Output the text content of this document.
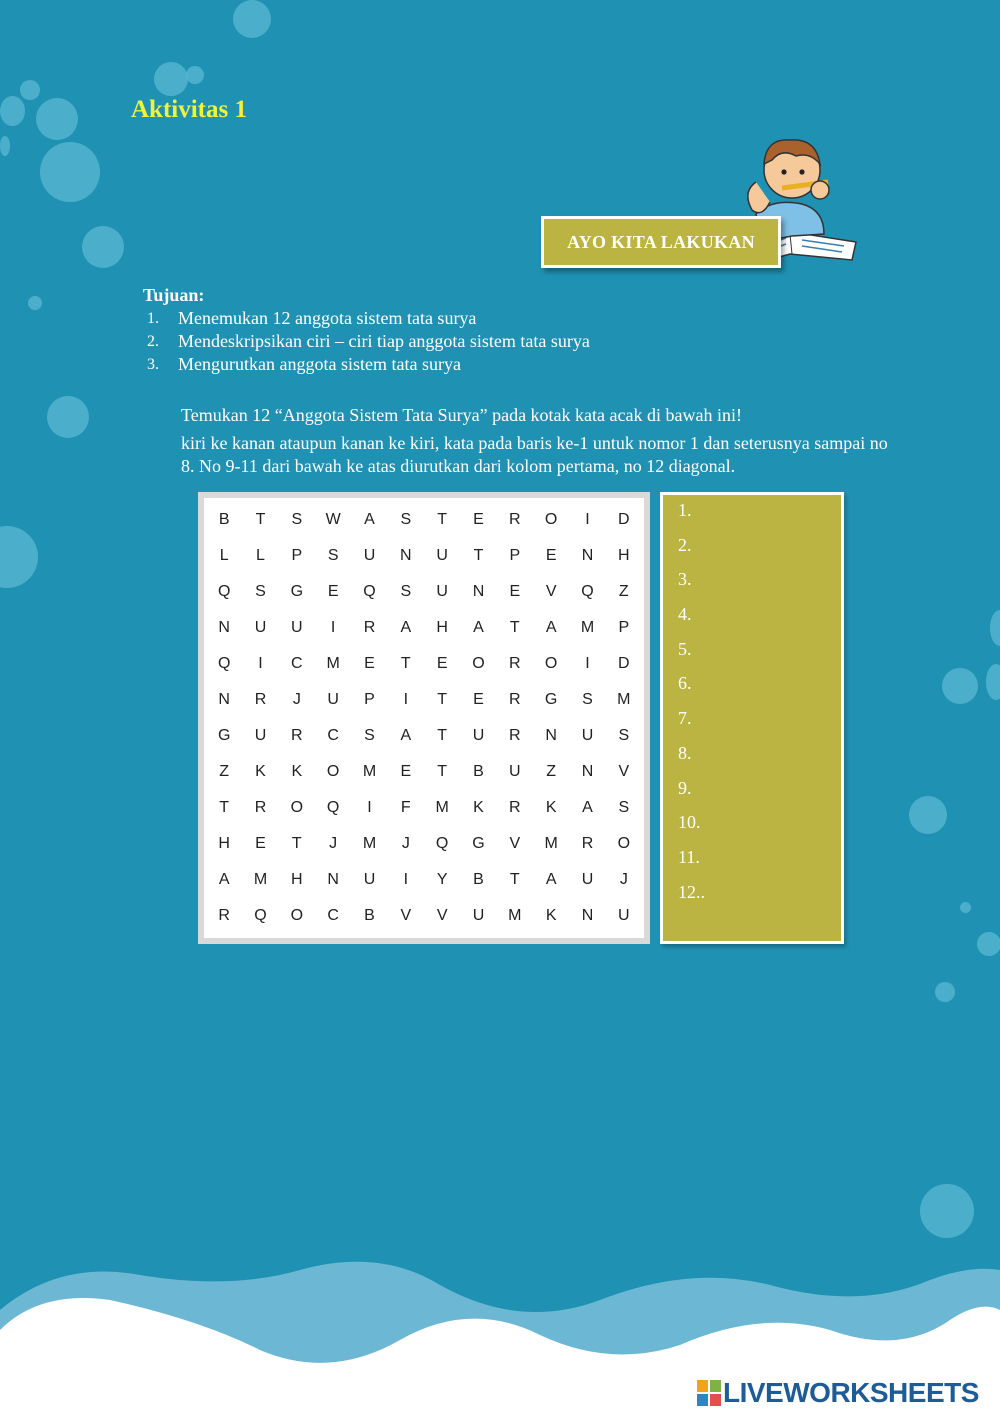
Aktivitas 1
AYO KITA LAKUKAN
Tujuan:
1.	Menemukan 12 anggota sistem tata surya
2.	Mendeskripsikan ciri – ciri tiap anggota sistem tata surya
3.	Mengurutkan anggota sistem tata surya

Temukan 12 “Anggota Sistem Tata Surya” pada kotak kata acak di bawah ini!

kiri ke kanan ataupun kanan ke kiri, kata pada baris ke-1 untuk nomor 1 dan seterusnya sampai no 8. No 9-11 dari bawah ke atas diurutkan dari kolom pertama, no 12 diagonal.

B	T	S	W	A	S	T	E	R	O	I	D
L	L	P	S	U	N	U	T	P	E	N	H
Q	S	G	E	Q	S	U	N	E	V	Q	Z
N	U	U	I	R	A	H	A	T	A	M	P
Q	I	C	M	E	T	E	O	R	O	I	D
N	R	J	U	P	I	T	E	R	G	S	M
G	U	R	C	S	A	T	U	R	N	U	S
Z	K	K	O	M	E	T	B	U	Z	N	V
T	R	O	Q	I	F	M	K	R	K	A	S
H	E	T	J	M	J	Q	G	V	M	R	O
A	M	H	N	U	I	Y	B	T	A	U	J
R	Q	O	C	B	V	V	U	M	K	N	U
1.
2.
3.
4.
5.
6.
7.
8.
9.
10.
11.
12..
LIVEWORKSHEETS
